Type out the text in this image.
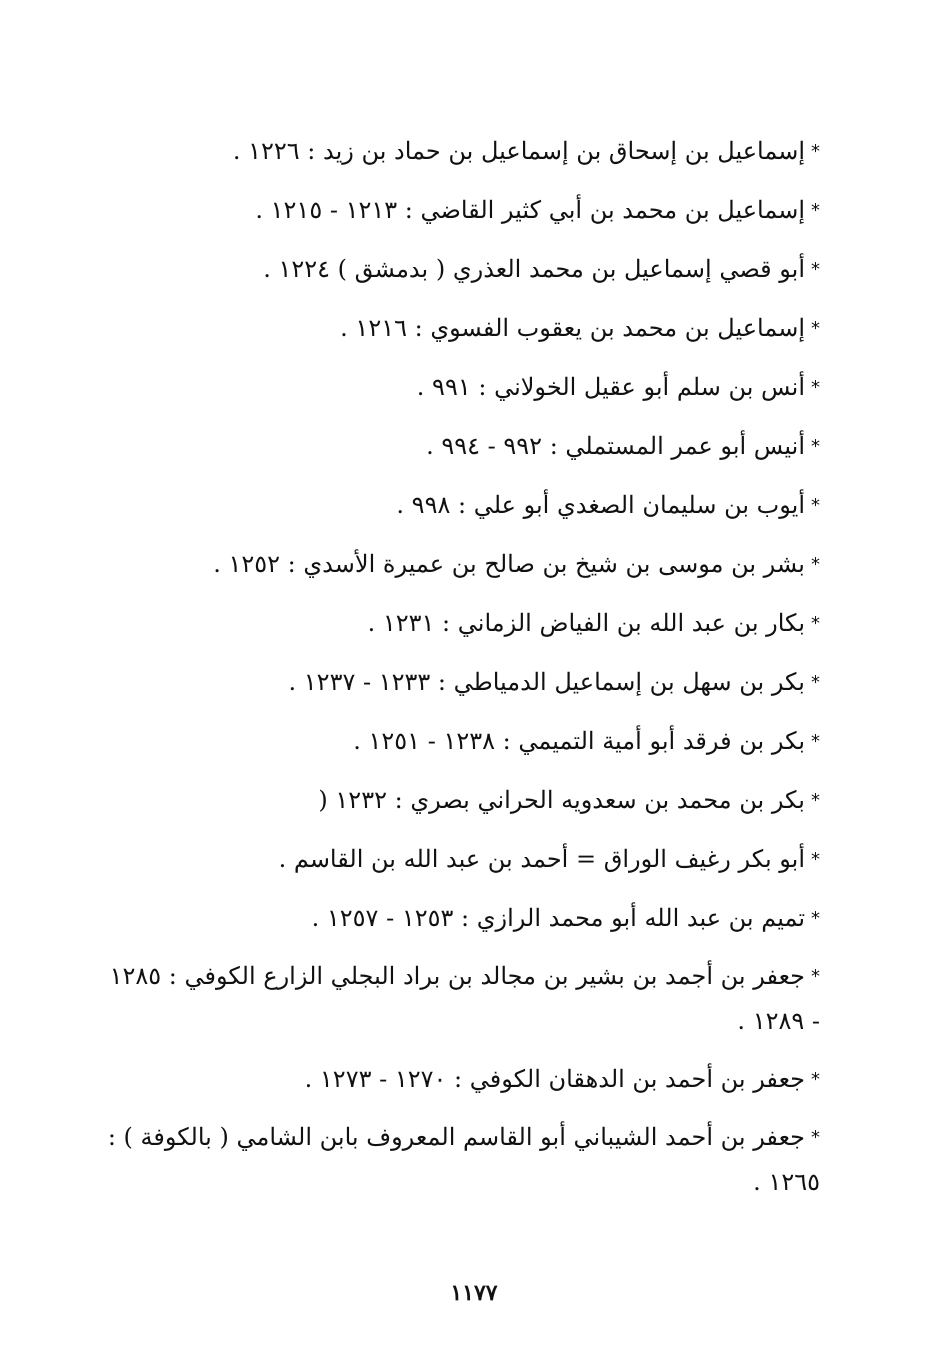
*إسماعيل بن إسحاق بن إسماعيل بن حماد بن زيد : ١٢٢٦ .
*إسماعيل بن محمد بن أبي كثير القاضي : ١٢١٣ - ١٢١٥ .
*أبو قصي إسماعيل بن محمد العذري ( بدمشق ) ١٢٢٤ .
*إسماعيل بن محمد بن يعقوب الفسوي : ١٢١٦ .
*أنس بن سلم أبو عقيل الخولاني : ٩٩١ .
*أنيس أبو عمر المستملي : ٩٩٢ - ٩٩٤ .
*أيوب بن سليمان الصغدي أبو علي : ٩٩٨ .
*بشر بن موسى بن شيخ بن صالح بن عميرة الأسدي : ١٢٥٢ .
*بكار بن عبد الله بن الفياض الزماني : ١٢٣١ .
*بكر بن سهل بن إسماعيل الدمياطي : ١٢٣٣ - ١٢٣٧ .
*بكر بن فرقد أبو أمية التميمي : ١٢٣٨ - ١٢٥١ .
*بكر بن محمد بن سعدويه الحراني بصري : ١٢٣٢ (
*أبو بكر رغيف الوراق = أحمد بن عبد الله بن القاسم .
*تميم بن عبد الله أبو محمد الرازي : ١٢٥٣ - ١٢٥٧ .
*جعفر بن أجمد بن بشير بن مجالد بن براد البجلي الزارع الكوفي : ١٢٨٥ - ١٢٨٩ .
*جعفر بن أحمد بن الدهقان الكوفي : ١٢٧٠ - ١٢٧٣ .
*جعفر بن أحمد الشيباني أبو القاسم المعروف بابن الشامي ( بالكوفة ) : ١٢٦٥ .
١١٧٧
